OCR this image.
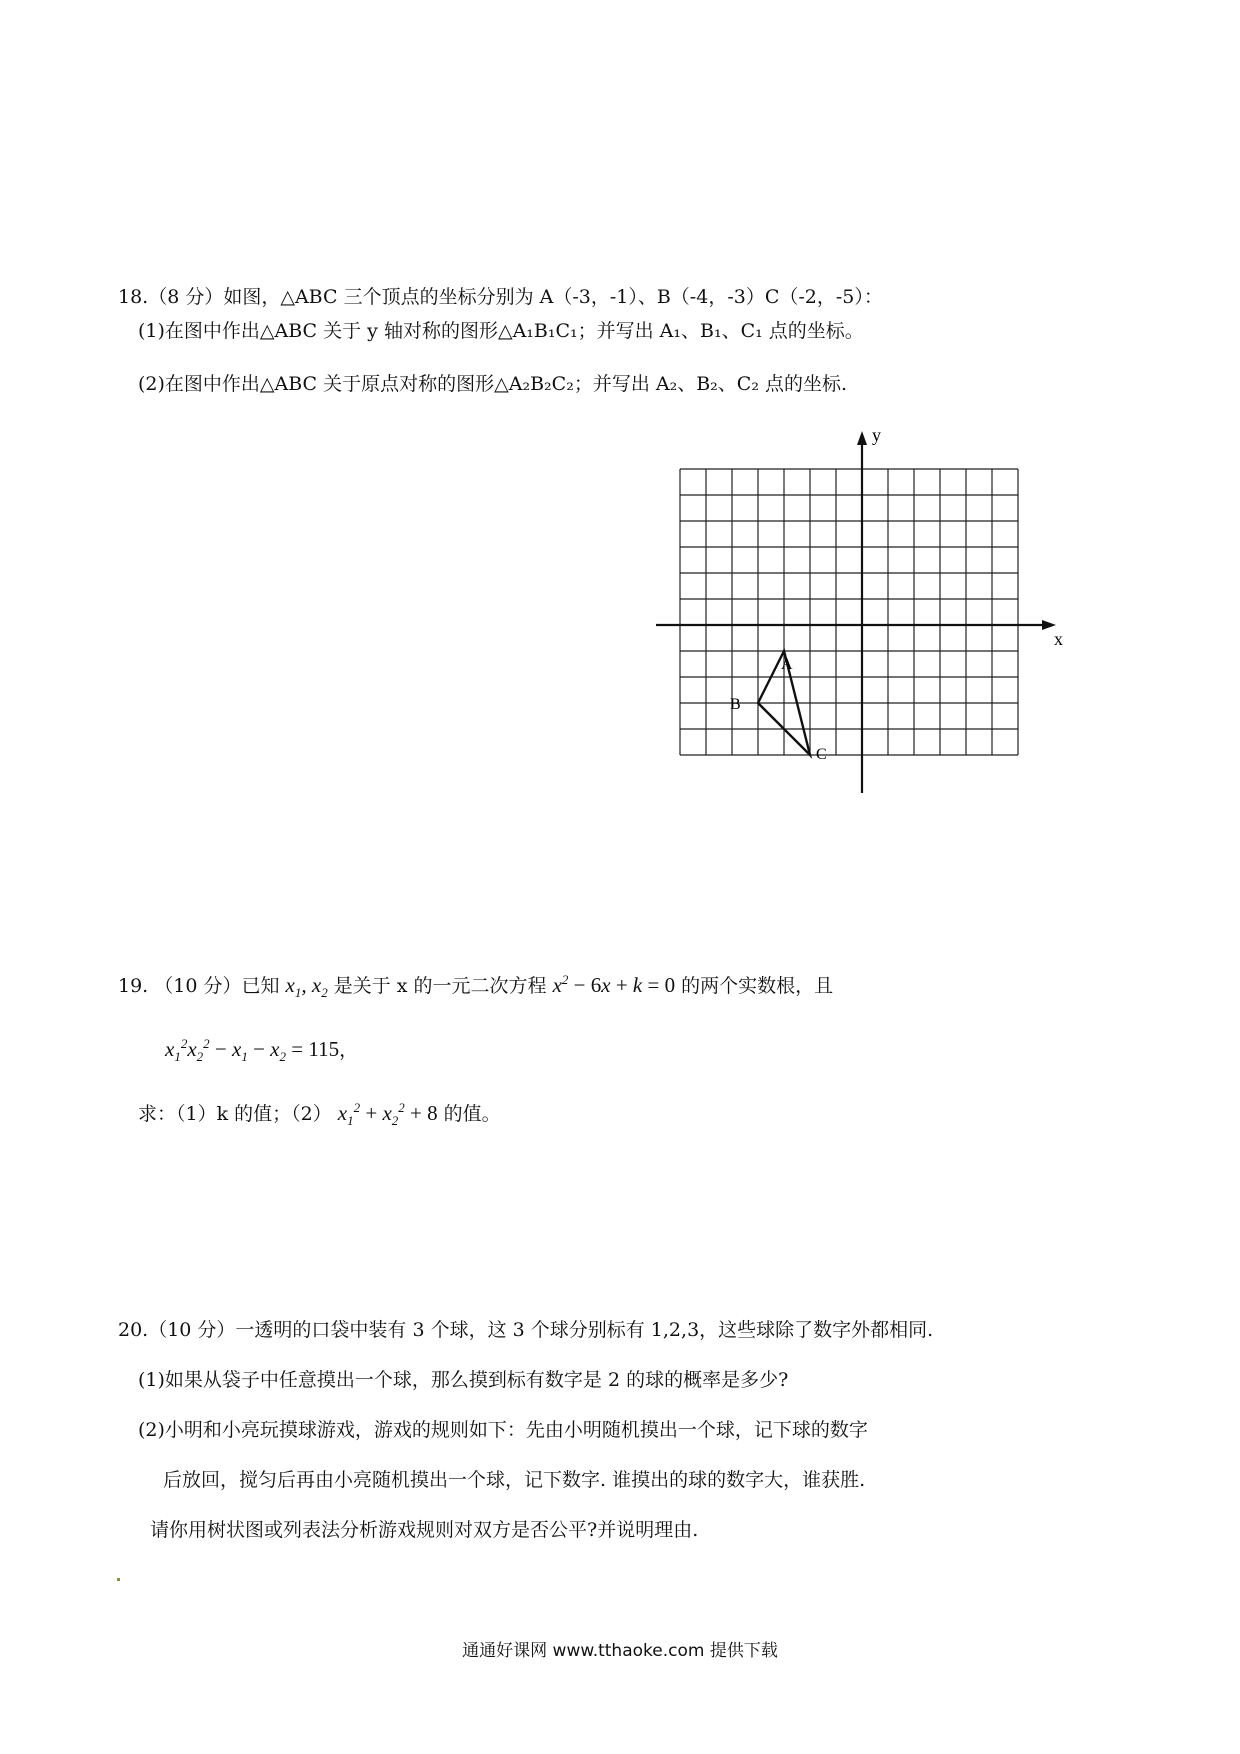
18.（8 分）如图，△ABC 三个顶点的坐标分别为 A（-3，-1）、B（-4，-3）C（-2，-5）：
(1)在图中作出△ABC 关于 y 轴对称的图形△A₁B₁C₁；并写出 A₁、B₁、C₁ 点的坐标。
(2)在图中作出△ABC 关于原点对称的图形△A₂B₂C₂；并写出 A₂、B₂、C₂ 点的坐标.
x
y
A
B
C
19. （10 分）已知 $x_1$, $x_2$ 是关于 x 的一元二次方程 $x^2 - 6x + k = 0$ 的两个实数根，且
$x_1^2x_2^2 - x_1 - x_2 = 115$，
求：（1）k 的值；（2） $x_1^2 + x_2^2 + 8$ 的值。
20.（10 分）一透明的口袋中装有 3 个球，这 3 个球分别标有 1,2,3，这些球除了数字外都相同.
(1)如果从袋子中任意摸出一个球，那么摸到标有数字是 2 的球的概率是多少?
(2)小明和小亮玩摸球游戏，游戏的规则如下：先由小明随机摸出一个球，记下球的数字
后放回，搅匀后再由小亮随机摸出一个球，记下数字. 谁摸出的球的数字大，谁获胜.
请你用树状图或列表法分析游戏规则对双方是否公平?并说明理由.
通通好课网 www.tthaoke.com 提供下载
